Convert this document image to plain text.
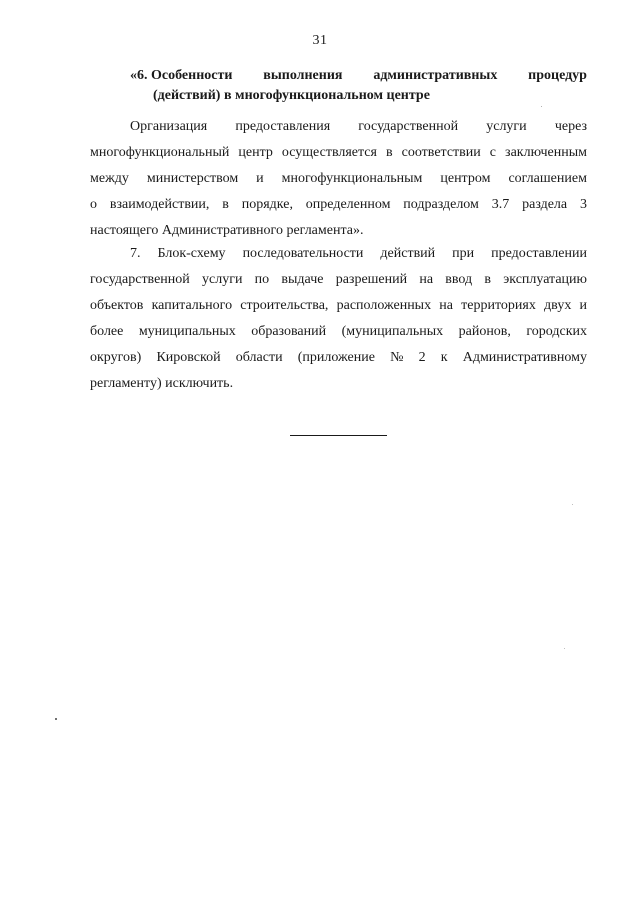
31
«6. Особенности выполнения административных процедур
(действий) в многофункциональном центре
Организация предоставления государственной услуги через
многофункциональный центр осуществляется в соответствии с заключенным
между министерством и многофункциональным центром соглашением
о взаимодействии, в порядке, определенном подразделом 3.7 раздела 3
настоящего Административного регламента».
7. Блок-схему последовательности действий при предоставлении
государственной услуги по выдаче разрешений на ввод в эксплуатацию
объектов капитального строительства, расположенных на территориях двух и
более муниципальных образований (муниципальных районов, городских
округов) Кировской области (приложение № 2 к Административному
регламенту) исключить.
